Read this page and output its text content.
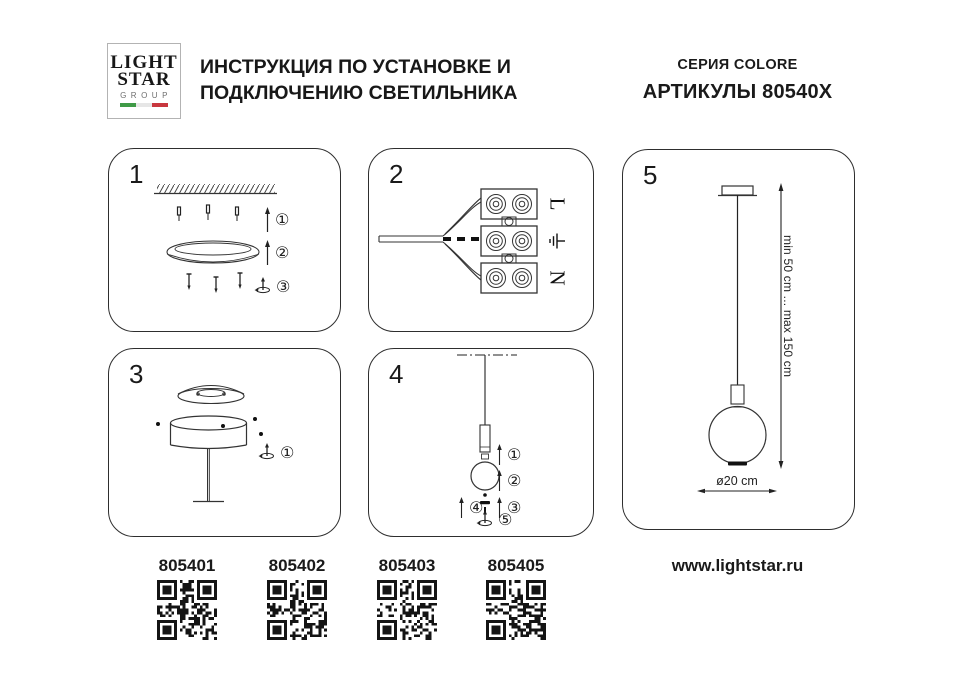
LIGHT
STAR
GROUP
ИНСТРУКЦИЯ ПО УСТАНОВКЕ И
ПОДКЛЮЧЕНИЮ СВЕТИЛЬНИКА
СЕРИЯ COLORE
АРТИКУЛЫ 80540X
1
①
②
③
2
L
N
3
①
4
①
②
③
④
⑤
5
min 50 cm ... max 150 cm
ø20 cm
805401	805402	805403	805405	www.lightstar.ru
